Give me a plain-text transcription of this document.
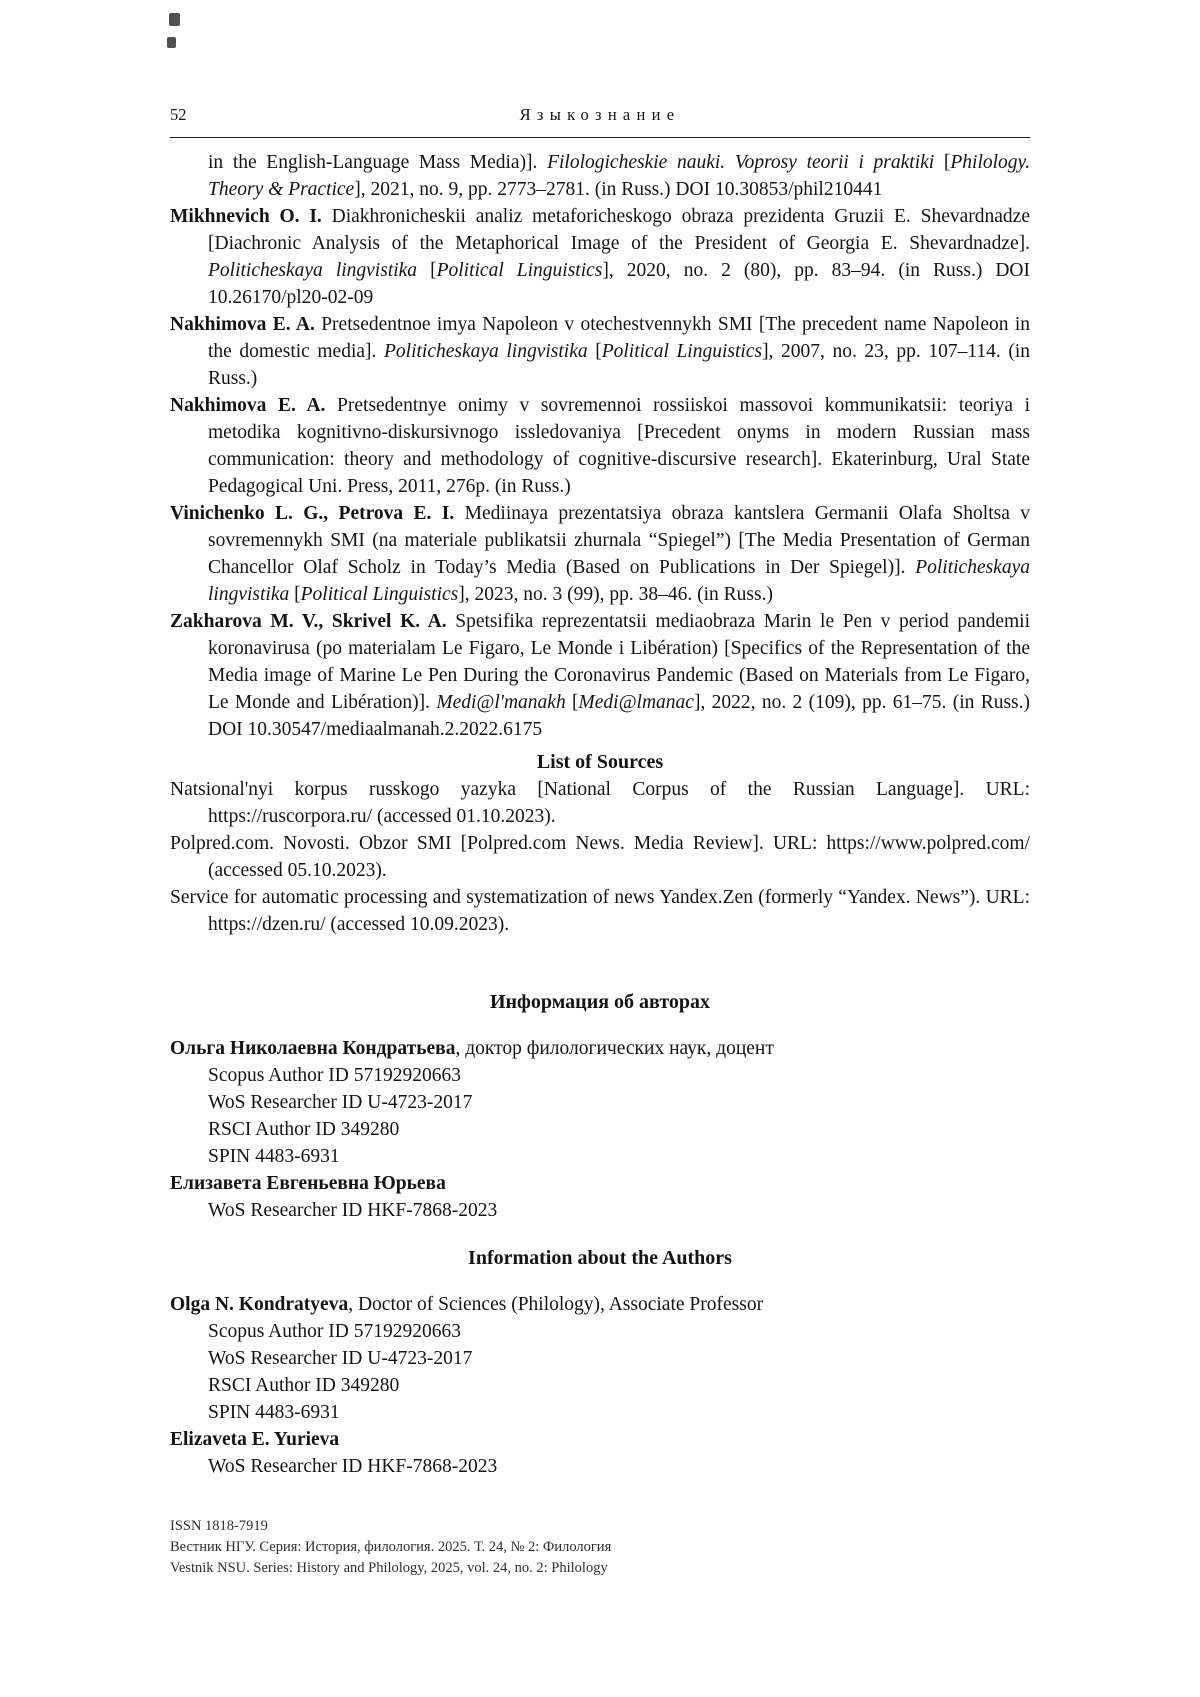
52	Языкознание

in the English-Language Mass Media)]. Filologicheskie nauki. Voprosy teorii i praktiki [Philology. Theory & Practice], 2021, no. 9, pp. 2773–2781. (in Russ.) DOI 10.30853/phil210441

Mikhnevich O. I. Diakhronicheskii analiz metaforicheskogo obraza prezidenta Gruzii E. Shevardnadze [Diachronic Analysis of the Metaphorical Image of the President of Georgia E. Shevardnadze]. Politicheskaya lingvistika [Political Linguistics], 2020, no. 2 (80), pp. 83–94. (in Russ.) DOI 10.26170/pl20-02-09

Nakhimova E. A. Pretsedentnoe imya Napoleon v otechestvennykh SMI [The precedent name Napoleon in the domestic media]. Politicheskaya lingvistika [Political Linguistics], 2007, no. 23, pp. 107–114. (in Russ.)

Nakhimova E. A. Pretsedentnye onimy v sovremennoi rossiiskoi massovoi kommunikatsii: teoriya i metodika kognitivno-diskursivnogo issledovaniya [Precedent onyms in modern Russian mass communication: theory and methodology of cognitive-discursive research]. Ekaterinburg, Ural State Pedagogical Uni. Press, 2011, 276p. (in Russ.)

Vinichenko L. G., Petrova E. I. Mediinaya prezentatsiya obraza kantslera Germanii Olafa Sholtsa v sovremennykh SMI (na materiale publikatsii zhurnala “Spiegel”) [The Media Presentation of German Chancellor Olaf Scholz in Today’s Media (Based on Publications in Der Spiegel)]. Politicheskaya lingvistika [Political Linguistics], 2023, no. 3 (99), pp. 38–46. (in Russ.)

Zakharova M. V., Skrivel K. A. Spetsifika reprezentatsii mediaobraza Marin le Pen v period pandemii koronavirusa (po materialam Le Figaro, Le Monde i Libération) [Specifics of the Representation of the Media image of Marine Le Pen During the Coronavirus Pandemic (Based on Materials from Le Figaro, Le Monde and Libération)]. Medi@l'manakh [Medi@lmanac], 2022, no. 2 (109), pp. 61–75. (in Russ.) DOI 10.30547/mediaalmanah.2.2022.6175

List of Sources

Natsional'nyi korpus russkogo yazyka [National Corpus of the Russian Language]. URL: https://ruscorpora.ru/ (accessed 01.10.2023).

Polpred.com. Novosti. Obzor SMI [Polpred.com News. Media Review]. URL: https://www.polpred.com/ (accessed 05.10.2023).

Service for automatic processing and systematization of news Yandex.Zen (formerly “Yandex. News”). URL: https://dzen.ru/ (accessed 10.09.2023).

Информация об авторах

Ольга Николаевна Кондратьева, доктор филологических наук, доцент

Scopus Author ID 57192920663
WoS Researcher ID U-4723-2017
RSCI Author ID 349280
SPIN 4483-6931

Елизавета Евгеньевна Юрьева

WoS Researcher ID HKF-7868-2023
Information about the Authors

Olga N. Kondratyeva, Doctor of Sciences (Philology), Associate Professor

Scopus Author ID 57192920663
WoS Researcher ID U-4723-2017
RSCI Author ID 349280
SPIN 4483-6931

Elizaveta E. Yurieva

WoS Researcher ID HKF-7868-2023
ISSN 1818-7919
Вестник НГУ. Серия: История, филология. 2025. Т. 24, № 2: Филология
Vestnik NSU. Series: History and Philology, 2025, vol. 24, no. 2: Philology
